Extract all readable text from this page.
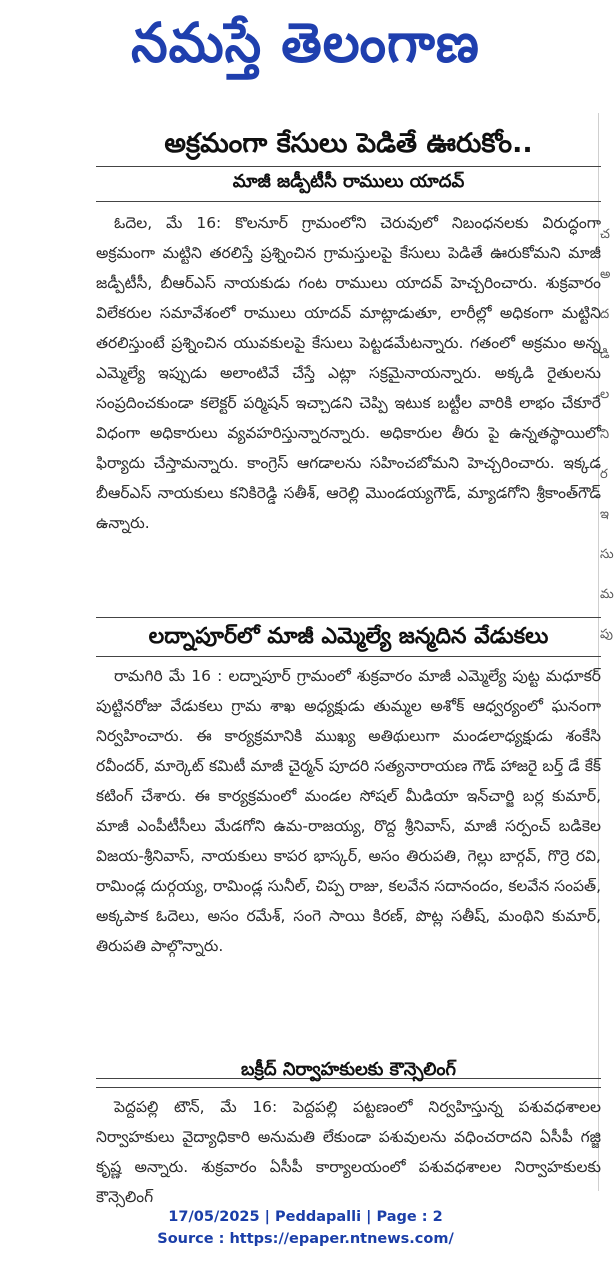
నమస్తే తెలంగాణ
అక్రమంగా కేసులు పెడితే ఊరుకోం..
మాజీ జడ్పీటీసీ రాములు యాదవ్

ఓదెల, మే 16: కొలనూర్ గ్రామంలోని చెరువులో నిబంధనలకు విరుద్ధంగా అక్రమంగా మట్టిని తరలిస్తే ప్రశ్నించిన గ్రామస్తులపై కేసులు పెడితే ఊరుకోమని మాజీ జడ్పీటీసీ, బీఆర్ఎస్ నాయకుడు గంట రాములు యాదవ్ హెచ్చరించారు. శుక్రవారం విలేకరుల సమావేశంలో రాములు యాదవ్ మాట్లాడుతూ, లారీల్లో అధికంగా మట్టిని తరలిస్తుంటే ప్రశ్నించిన యువకులపై కేసులు పెట్టడమేటన్నారు. గతంలో అక్రమం అన్న ఎమ్మెల్యే ఇప్పుడు అలాంటివే చేస్తే ఎట్లా సక్రమైనాయన్నారు. అక్కడి రైతులను సంప్రదించకుండా కలెక్టర్ పర్మిషన్ ఇచ్చాడని చెప్పి ఇటుక బట్టీల వారికి లాభం చేకూరే విధంగా అధికారులు వ్యవహరిస్తున్నారన్నారు. అధికారుల తీరు పై ఉన్నతస్థాయిలో ఫిర్యాదు చేస్తామన్నారు. కాంగ్రెస్ ఆగడాలను సహించబోమని హెచ్చరించారు. ఇక్కడ బీఆర్ఎస్ నాయకులు కనికిరెడ్డి సతీశ్, ఆరెల్లి మొండయ్యగౌడ్, మ్యాడగోని శ్రీకాంత్‌గౌడ్ ఉన్నారు.

లద్నాపూర్‌లో మాజీ ఎమ్మెల్యే జన్మదిన వేడుకలు

రామగిరి మే 16 : లద్నాపూర్ గ్రామంలో శుక్రవారం మాజీ ఎమ్మెల్యే పుట్ట మధూకర్ పుట్టినరోజు వేడుకలు గ్రామ శాఖ అధ్యక్షుడు తుమ్మల అశోక్ ఆధ్వర్యంలో ఘనంగా నిర్వహించారు. ఈ కార్యక్రమానికి ముఖ్య అతిథులుగా మండలాధ్యక్షుడు శంకేసి రవీందర్, మార్కెట్ కమిటీ మాజీ చైర్మన్ పూదరి సత్యనారాయణ గౌడ్ హాజరై బర్త్ డే కేక్ కటింగ్ చేశారు. ఈ కార్యక్రమంలో మండల సోషల్ మీడియా ఇన్‌చార్జి బర్ల కుమార్, మాజీ ఎంపీటీసీలు మేడగోని ఉమ-రాజయ్య, రొద్ద శ్రీనివాస్, మాజీ సర్పంచ్ బడికెల విజయ-శ్రీనివాస్, నాయకులు కాపర భాస్కర్, అసం తిరుపతి, గెల్లు బార్గవ్, గొర్రె రవి, రామిండ్ల దుర్గయ్య, రామిండ్ల సునీల్, చిప్ప రాజు, కలవేన సదానందం, కలవేన సంపత్, అక్కపాక ఓదెలు, అసం రమేశ్, సంగె సాయి కిరణ్, పొట్ల సతీష్, మంథిని కుమార్, తిరుపతి పాల్గొన్నారు.

బక్రీద్ నిర్వాహకులకు కౌన్సెలింగ్

పెద్దపల్లి టౌన్, మే 16: పెద్దపల్లి పట్టణంలో నిర్వహిస్తున్న పశువధశాలల నిర్వాహకులు వైద్యాధికారి అనుమతి లేకుండా పశువులను వధించరాదని ఏసీపీ గజ్జి కృష్ణ అన్నారు. శుక్రవారం ఏసీపీ కార్యాలయంలో పశువధశాలల నిర్వాహకులకు కౌన్సెలింగ్

చ
అ
ద
డి
ల
ని
ర
ఇ
సు
మ
పు
17/05/2025 | Peddapalli | Page : 2
Source : https://epaper.ntnews.com/
